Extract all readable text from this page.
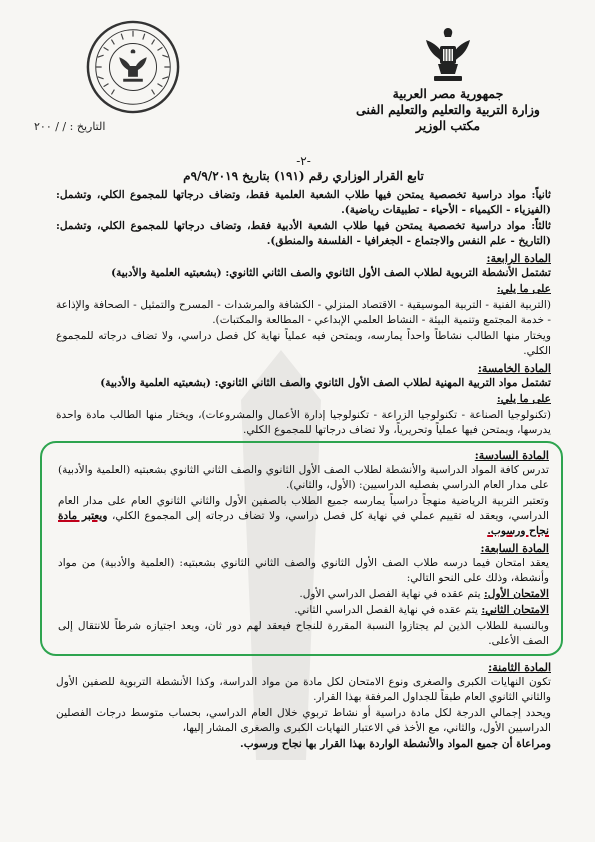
جمهورية مصر العربية
وزارة التربية والتعليم والتعليم الفنى
مكتب الوزير
التاريخ : / / ٢٠٠
-٢-
تابع القرار الوزاري رقم (١٩١) بتاريخ ٩/٩/٢٠١٩م

ثانياً: مواد دراسية تخصصية يمتحن فيها طلاب الشعبة العلمية فقط، وتضاف درجاتها للمجموع الكلي، وتشمل: (الفيزياء - الكيمياء - الأحياء - تطبيقات رياضية).

ثالثاً: مواد دراسية تخصصية يمتحن فيها طلاب الشعبة الأدبية فقط، وتضاف درجاتها للمجموع الكلي، وتشمل: (التاريخ - علم النفس والاجتماع - الجغرافيا - الفلسفة والمنطق).

المادة الرابعة:

تشتمل الأنشطة التربوية لطلاب الصف الأول الثانوي والصف الثاني الثانوي: (بشعبتيه العلمية والأدبية)

على ما يلي:

(التربية الفنية - التربية الموسيقية - الاقتصاد المنزلي - الكشافة والمرشدات - المسرح والتمثيل - الصحافة والإذاعة - خدمة المجتمع وتنمية البيئة - النشاط العلمي الإبداعي - المطالعة والمكتبات).

ويختار منها الطالب نشاطاً واحداً يمارسه، ويمتحن فيه عملياً نهاية كل فصل دراسي، ولا تضاف درجاته للمجموع الكلي.

المادة الخامسة:

تشتمل مواد التربية المهنية لطلاب الصف الأول الثانوي والصف الثاني الثانوي: (بشعبتيه العلمية والأدبية)

على ما يلي:

(تكنولوجيا الصناعة - تكنولوجيا الزراعة - تكنولوجيا إدارة الأعمال والمشروعات)، ويختار منها الطالب مادة واحدة يدرسها، ويمتحن فيها عملياً وتحريرياً، ولا تضاف درجاتها للمجموع الكلي.

المادة السادسة:

تدرس كافة المواد الدراسية والأنشطة لطلاب الصف الأول الثانوي والصف الثاني الثانوي بشعبتيه (العلمية والأدبية) على مدار العام الدراسي بفصليه الدراسيين: (الأول، والثاني).

وتعتبر التربية الرياضية منهجاً دراسياً يمارسه جميع الطلاب بالصفين الأول والثاني الثانوي العام على مدار العام الدراسي، ويعقد له تقييم عملي في نهاية كل فصل دراسي، ولا تضاف درجاته إلى المجموع الكلي، ويعتبر مادة نجاح ورسوب.

المادة السابعة:

يعقد امتحان فيما درسه طلاب الصف الأول الثانوي والصف الثاني الثانوي بشعبتيه: (العلمية والأدبية) من مواد وأنشطة، وذلك على النحو التالي:

الامتحان الأول: يتم عقده في نهاية الفصل الدراسي الأول.

الامتحان الثاني: يتم عقده في نهاية الفصل الدراسي الثاني.

وبالنسبة للطلاب الذين لم يجتازوا النسبة المقررة للنجاح فيعقد لهم دور ثان، ويعد اجتيازه شرطاً للانتقال إلى الصف الأعلى.

المادة الثامنة:

تكون النهايات الكبرى والصغرى ونوع الامتحان لكل مادة من مواد الدراسة، وكذا الأنشطة التربوية للصفين الأول والثاني الثانوي العام طبقاً للجداول المرفقة بهذا القرار.

ويحدد إجمالي الدرجة لكل مادة دراسية أو نشاط تربوي خلال العام الدراسي، بحساب متوسط درجات الفصلين الدراسيين الأول، والثاني، مع الأخذ في الاعتبار النهايات الكبرى والصغرى المشار إليها،

ومراعاة أن جميع المواد والأنشطة الواردة بهذا القرار بها نجاح ورسوب.
